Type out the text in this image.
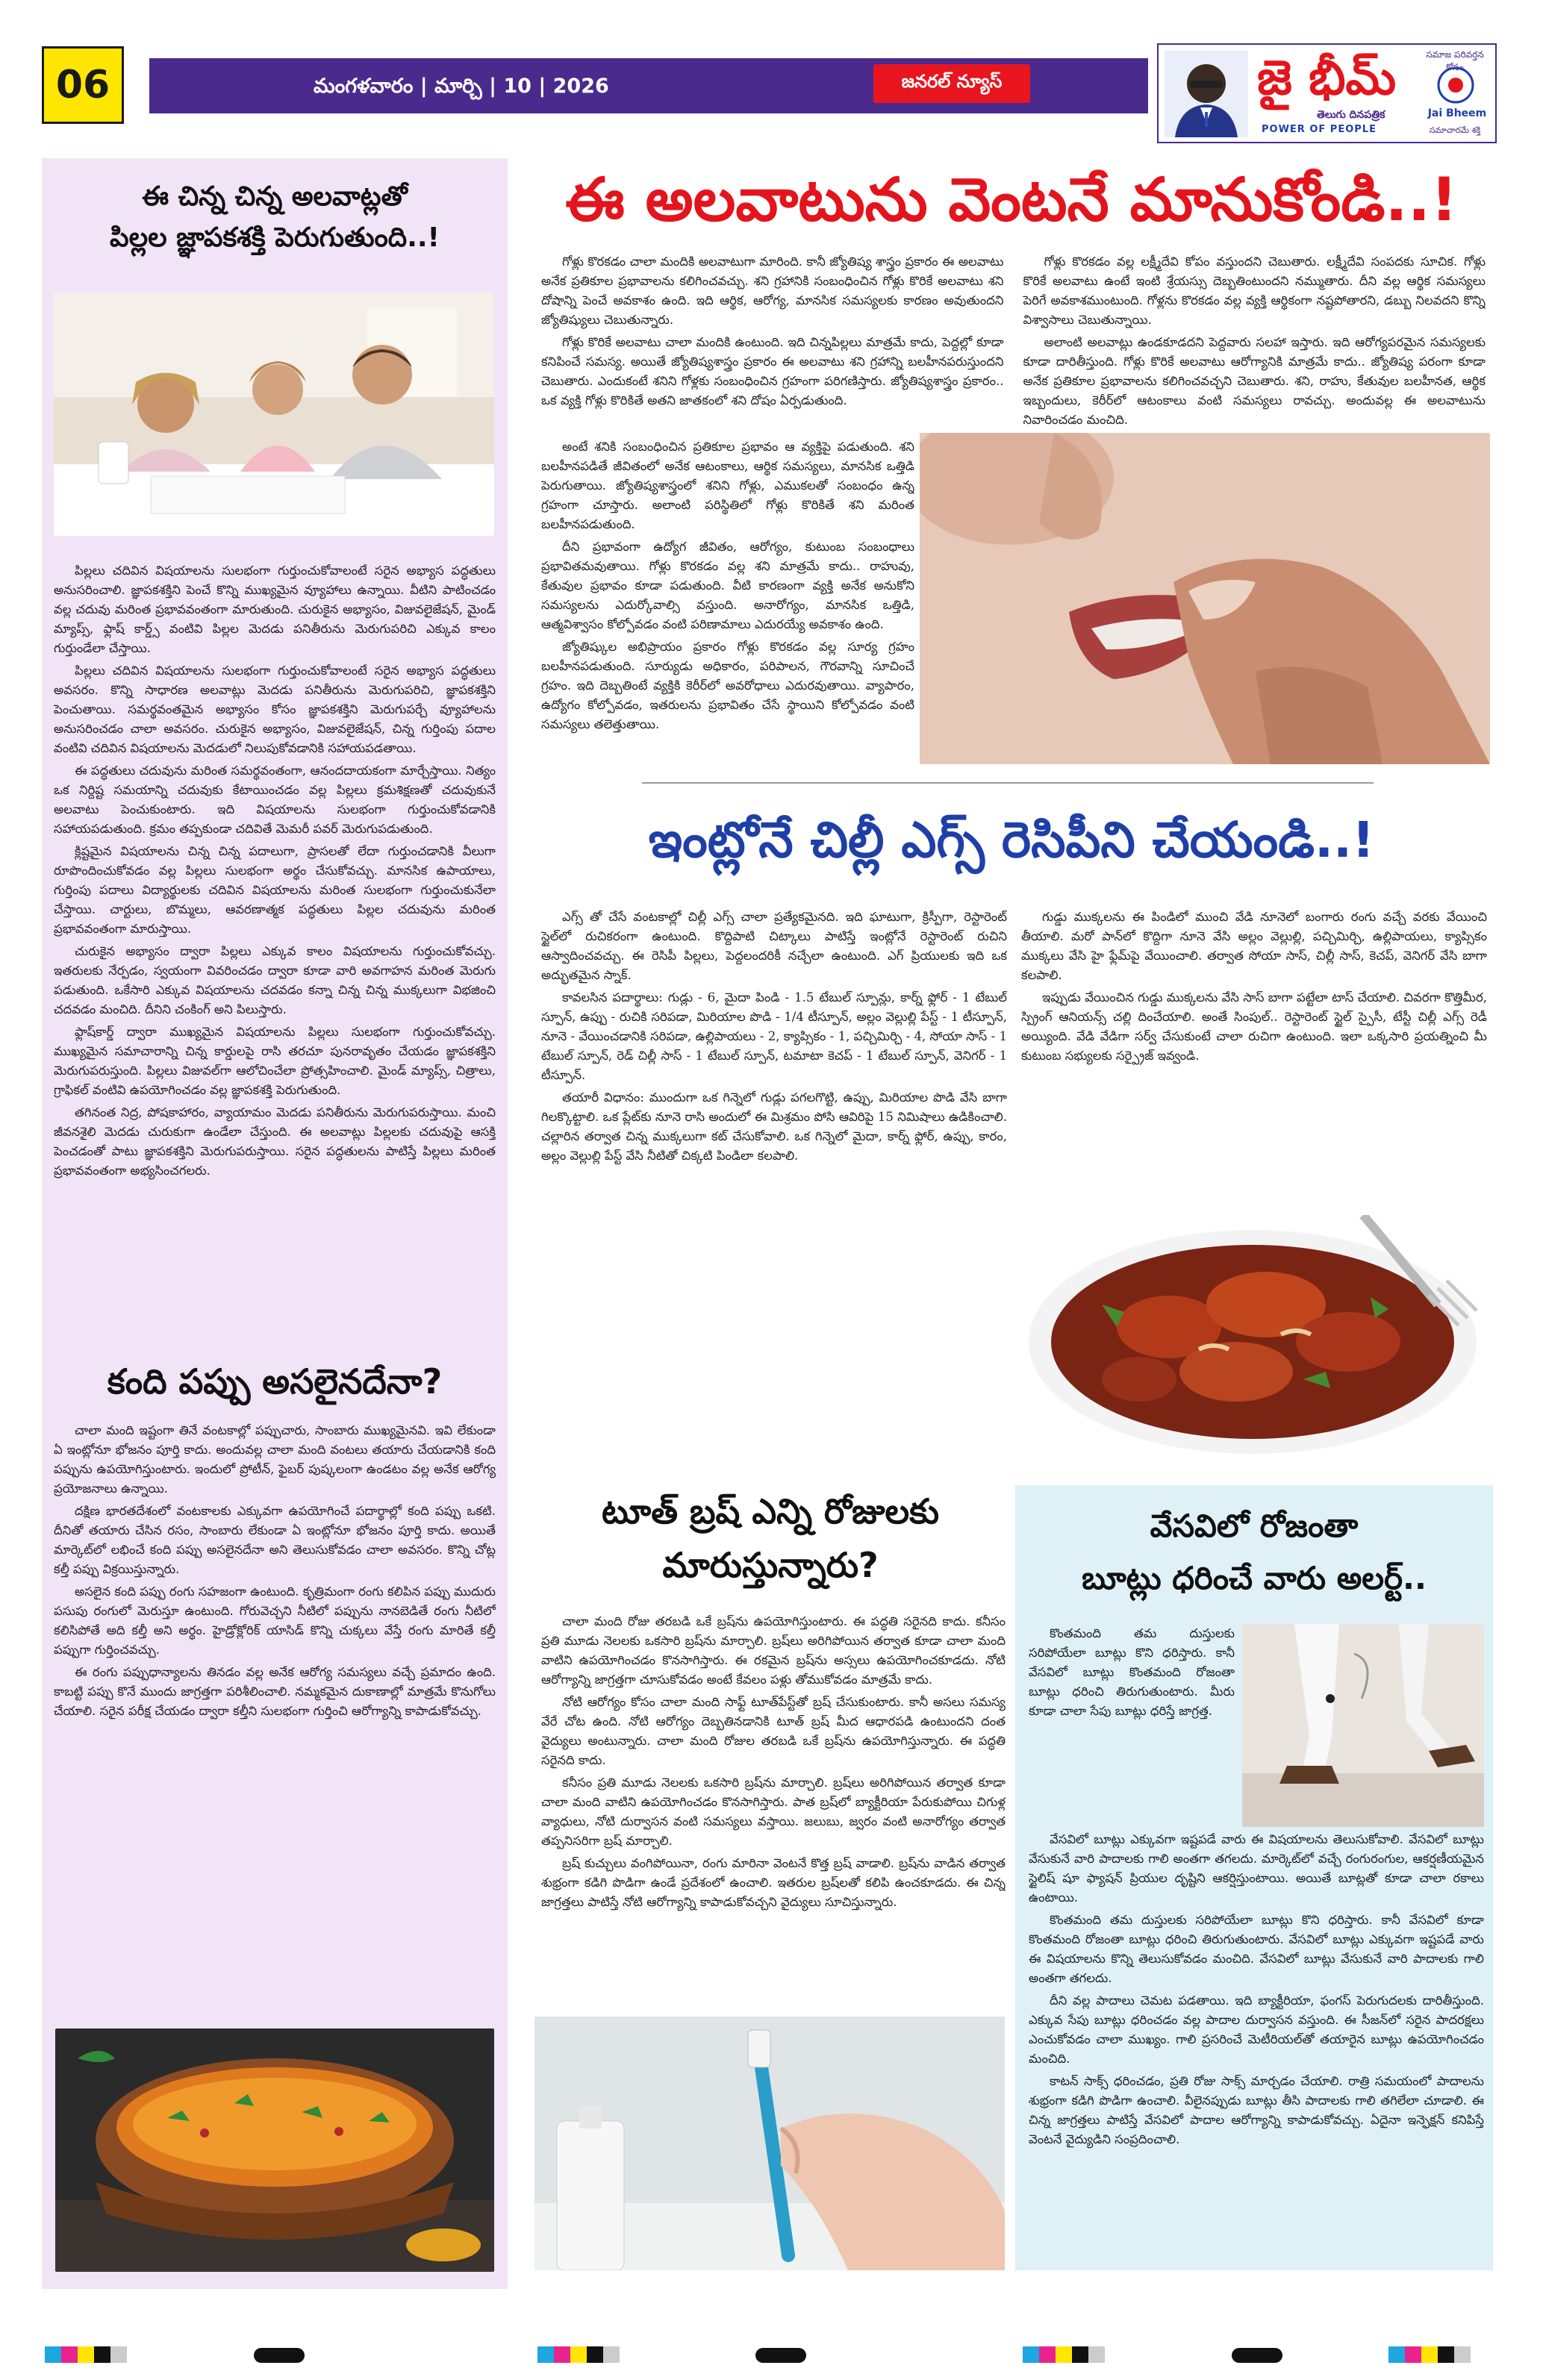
06	మంగళవారం | మార్చి | 10 | 2026	జనరల్ న్యూస్	జై భీమ్	సమాజ పరివర్తన కోసం
తెలుగు దినపత్రిక
POWER OF PEOPLE
Jai Bheem
సమాచారమే శక్తి
ఈ చిన్న చిన్న అలవాట్లతో
పిల్లల జ్ఞాపకశక్తి పెరుగుతుంది..!

పిల్లలు చదివిన విషయాలను సులభంగా గుర్తుంచుకోవాలంటే సరైన అభ్యాస పద్ధతులు అనుసరించాలి. జ్ఞాపకశక్తిని పెంచే కొన్ని ముఖ్యమైన వ్యూహాలు ఉన్నాయి. వీటిని పాటించడం వల్ల చదువు మరింత ప్రభావవంతంగా మారుతుంది. చురుకైన అభ్యాసం, విజువలైజేషన్, మైండ్ మ్యాప్స్, ఫ్లాష్ కార్డ్స్ వంటివి పిల్లల మెదడు పనితీరును మెరుగుపరిచి ఎక్కువ కాలం గుర్తుండేలా చేస్తాయి.

పిల్లలు చదివిన విషయాలను సులభంగా గుర్తుంచుకోవాలంటే సరైన అభ్యాస పద్ధతులు అవసరం. కొన్ని సాధారణ అలవాట్లు మెదడు పనితీరును మెరుగుపరిచి, జ్ఞాపకశక్తిని పెంచుతాయి. సమర్థవంతమైన అభ్యాసం కోసం జ్ఞాపకశక్తిని మెరుగుపర్చే వ్యూహాలను అనుసరించడం చాలా అవసరం. చురుకైన అభ్యాసం, విజువలైజేషన్, చిన్న గుర్తింపు పదాల వంటివి చదివిన విషయాలను మెదడులో నిలుపుకోవడానికి సహాయపడతాయి.

ఈ పద్ధతులు చదువును మరింత సమర్థవంతంగా, ఆనందదాయకంగా మార్చేస్తాయి. నిత్యం ఒక నిర్దిష్ట సమయాన్ని చదువుకు కేటాయించడం వల్ల పిల్లలు క్రమశిక్షణతో చదువుకునే అలవాటు పెంచుకుంటారు. ఇది విషయాలను సులభంగా గుర్తుంచుకోవడానికి సహాయపడుతుంది. క్రమం తప్పకుండా చదివితే మెమరీ పవర్ మెరుగుపడుతుంది.

క్లిష్టమైన విషయాలను చిన్న చిన్న పదాలుగా, ప్రాసలతో లేదా గుర్తుంచడానికి వీలుగా రూపొందించుకోవడం వల్ల పిల్లలు సులభంగా అర్థం చేసుకోవచ్చు. మానసిక ఉపాయాలు, గుర్తింపు పదాలు విద్యార్థులకు చదివిన విషయాలను మరింత సులభంగా గుర్తుంచుకునేలా చేస్తాయి. చార్టులు, బొమ్మలు, ఆవరణాత్మక పద్ధతులు పిల్లల చదువును మరింత ప్రభావవంతంగా మారుస్తాయి.

చురుకైన అభ్యాసం ద్వారా పిల్లలు ఎక్కువ కాలం విషయాలను గుర్తుంచుకోవచ్చు. ఇతరులకు నేర్పడం, స్వయంగా వివరించడం ద్వారా కూడా వారి అవగాహన మరింత మెరుగు పడుతుంది. ఒకేసారి ఎక్కువ విషయాలను చదవడం కన్నా చిన్న చిన్న ముక్కలుగా విభజించి చదవడం మంచిది. దీనిని చంకింగ్ అని పిలుస్తారు.

ఫ్లాష్‌కార్డ్ ద్వారా ముఖ్యమైన విషయాలను పిల్లలు సులభంగా గుర్తుంచుకోవచ్చు. ముఖ్యమైన సమాచారాన్ని చిన్న కార్డులపై రాసి తరచూ పునరావృతం చేయడం జ్ఞాపకశక్తిని మెరుగుపరుస్తుంది. పిల్లలు విజువల్‌గా ఆలోచించేలా ప్రోత్సహించాలి. మైండ్ మ్యాప్స్, చిత్రాలు, గ్రాఫికల్ వంటివి ఉపయోగించడం వల్ల జ్ఞాపకశక్తి పెరుగుతుంది.

తగినంత నిద్ర, పోషకాహారం, వ్యాయామం మెదడు పనితీరును మెరుగుపరుస్తాయి. మంచి జీవనశైలి మెదడు చురుకుగా ఉండేలా చేస్తుంది. ఈ అలవాట్లు పిల్లలకు చదువుపై ఆసక్తి పెంచడంతో పాటు జ్ఞాపకశక్తిని మెరుగుపరుస్తాయి. సరైన పద్ధతులను పాటిస్తే పిల్లలు మరింత ప్రభావవంతంగా అభ్యసించగలరు.

కంది పప్పు అసలైనదేనా?

చాలా మంది ఇష్టంగా తినే వంటకాల్లో పప్పుచారు, సాంబారు ముఖ్యమైనవి. ఇవి లేకుండా ఏ ఇంట్లోనూ భోజనం పూర్తి కాదు. అందువల్ల చాలా మంది వంటలు తయారు చేయడానికి కంది పప్పును ఉపయోగిస్తుంటారు. ఇందులో ప్రోటీన్, ఫైబర్ పుష్కలంగా ఉండటం వల్ల అనేక ఆరోగ్య ప్రయోజనాలు ఉన్నాయి.

దక్షిణ భారతదేశంలో వంటకాలకు ఎక్కువగా ఉపయోగించే పదార్థాల్లో కంది పప్పు ఒకటి. దీనితో తయారు చేసిన రసం, సాంబారు లేకుండా ఏ ఇంట్లోనూ భోజనం పూర్తి కాదు. అయితే మార్కెట్‌లో లభించే కంది పప్పు అసలైనదేనా అని తెలుసుకోవడం చాలా అవసరం. కొన్ని చోట్ల కల్తీ పప్పు విక్రయిస్తున్నారు.

అసలైన కంది పప్పు రంగు సహజంగా ఉంటుంది. కృత్రిమంగా రంగు కలిపిన పప్పు ముదురు పసుపు రంగులో మెరుస్తూ ఉంటుంది. గోరువెచ్చని నీటిలో పప్పును నానబెడితే రంగు నీటిలో కలిసిపోతే అది కల్తీ అని అర్థం. హైడ్రోక్లోరిక్ యాసిడ్ కొన్ని చుక్కలు వేస్తే రంగు మారితే కల్తీ పప్పుగా గుర్తించవచ్చు.

ఈ రంగు పప్పుధాన్యాలను తినడం వల్ల అనేక ఆరోగ్య సమస్యలు వచ్చే ప్రమాదం ఉంది. కాబట్టి పప్పు కొనే ముందు జాగ్రత్తగా పరిశీలించాలి. నమ్మకమైన దుకాణాల్లో మాత్రమే కొనుగోలు చేయాలి. సరైన పరీక్ష చేయడం ద్వారా కల్తీని సులభంగా గుర్తించి ఆరోగ్యాన్ని కాపాడుకోవచ్చు.

ఈ అలవాటును వెంటనే మానుకోండి..!

గోళ్లు కొరకడం చాలా మందికి అలవాటుగా మారింది. కానీ జ్యోతిష్య శాస్త్రం ప్రకారం ఈ అలవాటు అనేక ప్రతికూల ప్రభావాలను కలిగించవచ్చు. శని గ్రహానికి సంబంధించిన గోళ్లు కొరికే అలవాటు శని దోషాన్ని పెంచే అవకాశం ఉంది. ఇది ఆర్థిక, ఆరోగ్య, మానసిక సమస్యలకు కారణం అవుతుందని జ్యోతిష్యులు చెబుతున్నారు.

గోళ్లు కొరికే అలవాటు చాలా మందికి ఉంటుంది. ఇది చిన్నపిల్లలు మాత్రమే కాదు, పెద్దల్లో కూడా కనిపించే సమస్య. అయితే జ్యోతిష్యశాస్త్రం ప్రకారం ఈ అలవాటు శని గ్రహాన్ని బలహీనపరుస్తుందని చెబుతారు. ఎందుకంటే శనిని గోళ్లకు సంబంధించిన గ్రహంగా పరిగణిస్తారు. జ్యోతిష్యశాస్త్రం ప్రకారం.. ఒక వ్యక్తి గోళ్లు కొరికితే అతని జాతకంలో శని దోషం ఏర్పడుతుంది.

గోళ్లు కొరకడం వల్ల లక్ష్మీదేవి కోపం వస్తుందని చెబుతారు. లక్ష్మీదేవి సంపదకు సూచిక. గోళ్లు కొరికే అలవాటు ఉంటే ఇంటి శ్రేయస్సు దెబ్బతింటుందని నమ్ముతారు. దీని వల్ల ఆర్థిక సమస్యలు పెరిగే అవకాశముంటుంది. గోళ్లను కొరకడం వల్ల వ్యక్తి ఆర్థికంగా నష్టపోతారని, డబ్బు నిలవదని కొన్ని విశ్వాసాలు చెబుతున్నాయి.

అలాంటి అలవాట్లు ఉండకూడదని పెద్దవారు సలహా ఇస్తారు. ఇది ఆరోగ్యపరమైన సమస్యలకు కూడా దారితీస్తుంది. గోళ్లు కొరికే అలవాటు ఆరోగ్యానికి మాత్రమే కాదు.. జ్యోతిష్య పరంగా కూడా అనేక ప్రతికూల ప్రభావాలను కలిగించవచ్చని చెబుతారు. శని, రాహు, కేతువుల బలహీనత, ఆర్థిక ఇబ్బందులు, కెరీర్‌లో ఆటంకాలు వంటి సమస్యలు రావచ్చు. అందువల్ల ఈ అలవాటును నివారించడం మంచిది.

అంటే శనికి సంబంధించిన ప్రతికూల ప్రభావం ఆ వ్యక్తిపై పడుతుంది. శని బలహీనపడితే జీవితంలో అనేక ఆటంకాలు, ఆర్థిక సమస్యలు, మానసిక ఒత్తిడి పెరుగుతాయి. జ్యోతిష్యశాస్త్రంలో శనిని గోళ్లు, ఎముకలతో సంబంధం ఉన్న గ్రహంగా చూస్తారు. అలాంటి పరిస్థితిలో గోళ్లు కొరికితే శని మరింత బలహీనపడుతుంది.

దీని ప్రభావంగా ఉద్యోగ జీవితం, ఆరోగ్యం, కుటుంబ సంబంధాలు ప్రభావితమవుతాయి. గోళ్లు కొరకడం వల్ల శని మాత్రమే కాదు.. రాహువు, కేతువుల ప్రభావం కూడా పడుతుంది. వీటి కారణంగా వ్యక్తి అనేక అనుకోని సమస్యలను ఎదుర్కోవాల్సి వస్తుంది. అనారోగ్యం, మానసిక ఒత్తిడి, ఆత్మవిశ్వాసం కోల్పోవడం వంటి పరిణామాలు ఎదురయ్యే అవకాశం ఉంది.

జ్యోతిష్కుల అభిప్రాయం ప్రకారం గోళ్లు కొరకడం వల్ల సూర్య గ్రహం బలహీనపడుతుంది. సూర్యుడు అధికారం, పరిపాలన, గౌరవాన్ని సూచించే గ్రహం. ఇది దెబ్బతింటే వ్యక్తికి కెరీర్‌లో అవరోధాలు ఎదురవుతాయి. వ్యాపారం, ఉద్యోగం కోల్పోవడం, ఇతరులను ప్రభావితం చేసే స్థాయిని కోల్పోవడం వంటి సమస్యలు తలెత్తుతాయి.

ఇంట్లోనే చిల్లీ ఎగ్స్ రెసిపీని చేయండి..!

ఎగ్స్ తో చేసే వంటకాల్లో చిల్లీ ఎగ్స్ చాలా ప్రత్యేకమైనది. ఇది ఘాటుగా, క్రిస్పీగా, రెస్టారెంట్ స్టైల్‌లో రుచికరంగా ఉంటుంది. కొద్దిపాటి చిట్కాలు పాటిస్తే ఇంట్లోనే రెస్టారెంట్ రుచిని ఆస్వాదించవచ్చు. ఈ రెసిపీ పిల్లలు, పెద్దలందరికీ నచ్చేలా ఉంటుంది. ఎగ్ ప్రియులకు ఇది ఒక అద్భుతమైన స్నాక్.

కావలసిన పదార్థాలు: గుడ్లు - 6, మైదా పిండి - 1.5 టేబుల్ స్పూన్లు, కార్న్ ఫ్లోర్ - 1 టేబుల్ స్పూన్, ఉప్పు - రుచికి సరిపడా, మిరియాల పొడి - 1/4 టీస్పూన్, అల్లం వెల్లుల్లి పేస్ట్ - 1 టీస్పూన్, నూనె - వేయించడానికి సరిపడా, ఉల్లిపాయలు - 2, క్యాప్సికం - 1, పచ్చిమిర్చి - 4, సోయా సాస్ - 1 టేబుల్ స్పూన్, రెడ్ చిల్లీ సాస్ - 1 టేబుల్ స్పూన్, టమాటా కెచప్ - 1 టేబుల్ స్పూన్, వెనిగర్ - 1 టీస్పూన్.

తయారీ విధానం: ముందుగా ఒక గిన్నెలో గుడ్లు పగలగొట్టి, ఉప్పు, మిరియాల పొడి వేసి బాగా గిలక్కొట్టాలి. ఒక ప్లేట్‌కు నూనె రాసి అందులో ఈ మిశ్రమం పోసి ఆవిరిపై 15 నిమిషాలు ఉడికించాలి. చల్లారిన తర్వాత చిన్న ముక్కలుగా కట్ చేసుకోవాలి. ఒక గిన్నెలో మైదా, కార్న్ ఫ్లోర్, ఉప్పు, కారం, అల్లం వెల్లుల్లి పేస్ట్ వేసి నీటితో చిక్కటి పిండిలా కలపాలి.

గుడ్డు ముక్కలను ఈ పిండిలో ముంచి వేడి నూనెలో బంగారు రంగు వచ్చే వరకు వేయించి తీయాలి. మరో పాన్‌లో కొద్దిగా నూనె వేసి అల్లం వెల్లుల్లి, పచ్చిమిర్చి, ఉల్లిపాయలు, క్యాప్సికం ముక్కలు వేసి హై ఫ్లేమ్‌పై వేయించాలి. తర్వాత సోయా సాస్, చిల్లీ సాస్, కెచప్, వెనిగర్ వేసి బాగా కలపాలి.

ఇప్పుడు వేయించిన గుడ్డు ముక్కలను వేసి సాస్ బాగా పట్టేలా టాస్ చేయాలి. చివరగా కొత్తిమీర, స్ప్రింగ్ ఆనియన్స్ చల్లి దించేయాలి. అంతే సింపుల్.. రెస్టారెంట్ స్టైల్ స్పైసీ, టేస్టీ చిల్లీ ఎగ్స్ రెడీ అయ్యింది. వేడి వేడిగా సర్వ్ చేసుకుంటే చాలా రుచిగా ఉంటుంది. ఇలా ఒక్కసారి ప్రయత్నించి మీ కుటుంబ సభ్యులకు సర్ప్రైజ్ ఇవ్వండి.

టూత్ బ్రష్ ఎన్ని రోజులకు
మారుస్తున్నారు?

చాలా మంది రోజు తరబడి ఒకే బ్రష్‌ను ఉపయోగిస్తుంటారు. ఈ పద్ధతి సరైనది కాదు. కనీసం ప్రతి మూడు నెలలకు ఒకసారి బ్రష్‌ను మార్చాలి. బ్రష్‌లు అరిగిపోయిన తర్వాత కూడా చాలా మంది వాటిని ఉపయోగించడం కొనసాగిస్తారు. ఈ రకమైన బ్రష్‌ను అస్సలు ఉపయోగించకూడదు. నోటి ఆరోగ్యాన్ని జాగ్రత్తగా చూసుకోవడం అంటే కేవలం పళ్లు తోముకోవడం మాత్రమే కాదు.

నోటి ఆరోగ్యం కోసం చాలా మంది సాఫ్ట్ టూత్‌పేస్ట్‌తో బ్రష్ చేసుకుంటారు. కానీ అసలు సమస్య వేరే చోట ఉంది. నోటి ఆరోగ్యం దెబ్బతినడానికి టూత్ బ్రష్ మీద ఆధారపడి ఉంటుందని దంత వైద్యులు అంటున్నారు. చాలా మంది రోజుల తరబడి ఒకే బ్రష్‌ను ఉపయోగిస్తున్నారు. ఈ పద్ధతి సరైనది కాదు.

కనీసం ప్రతి మూడు నెలలకు ఒకసారి బ్రష్‌ను మార్చాలి. బ్రష్‌లు అరిగిపోయిన తర్వాత కూడా చాలా మంది వాటిని ఉపయోగించడం కొనసాగిస్తారు. పాత బ్రష్‌లో బ్యాక్టీరియా పేరుకుపోయి చిగుళ్ల వ్యాధులు, నోటి దుర్వాసన వంటి సమస్యలు వస్తాయి. జలుబు, జ్వరం వంటి అనారోగ్యం తర్వాత తప్పనిసరిగా బ్రష్ మార్చాలి.

బ్రష్ కుచ్చులు వంగిపోయినా, రంగు మారినా వెంటనే కొత్త బ్రష్ వాడాలి. బ్రష్‌ను వాడిన తర్వాత శుభ్రంగా కడిగి పొడిగా ఉండే ప్రదేశంలో ఉంచాలి. ఇతరుల బ్రష్‌లతో కలిపి ఉంచకూడదు. ఈ చిన్న జాగ్రత్తలు పాటిస్తే నోటి ఆరోగ్యాన్ని కాపాడుకోవచ్చని వైద్యులు సూచిస్తున్నారు.

వేసవిలో రోజంతా
బూట్లు ధరించే వారు అలర్ట్..

కొంతమంది తమ దుస్తులకు సరిపోయేలా బూట్లు కొని ధరిస్తారు. కానీ వేసవిలో బూట్లు కొంతమంది రోజంతా బూట్లు ధరించి తిరుగుతుంటారు. మీరు కూడా చాలా సేపు బూట్లు ధరిస్తే జాగ్రత్త.

వేసవిలో బూట్లు ఎక్కువగా ఇష్టపడే వారు ఈ విషయాలను తెలుసుకోవాలి. వేసవిలో బూట్లు వేసుకునే వారి పాదాలకు గాలి అంతగా తగలదు. మార్కెట్‌లో వచ్చే రంగురంగుల, ఆకర్షణీయమైన స్టైలిష్ షూ ఫ్యాషన్ ప్రియుల దృష్టిని ఆకర్షిస్తుంటాయి. అయితే బూట్లతో కూడా చాలా రకాలు ఉంటాయి.

కొంతమంది తమ దుస్తులకు సరిపోయేలా బూట్లు కొని ధరిస్తారు. కానీ వేసవిలో కూడా కొంతమంది రోజంతా బూట్లు ధరించి తిరుగుతుంటారు. వేసవిలో బూట్లు ఎక్కువగా ఇష్టపడే వారు ఈ విషయాలను కొన్ని తెలుసుకోవడం మంచిది. వేసవిలో బూట్లు వేసుకునే వారి పాదాలకు గాలి అంతగా తగలదు.

దీని వల్ల పాదాలు చెమట పడతాయి. ఇది బ్యాక్టీరియా, ఫంగస్ పెరుగుదలకు దారితీస్తుంది. ఎక్కువ సేపు బూట్లు ధరించడం వల్ల పాదాల దుర్వాసన వస్తుంది. ఈ సీజన్‌లో సరైన పాదరక్షలు ఎంచుకోవడం చాలా ముఖ్యం. గాలి ప్రసరించే మెటీరియల్‌తో తయారైన బూట్లు ఉపయోగించడం మంచిది.

కాటన్ సాక్స్ ధరించడం, ప్రతి రోజు సాక్స్ మార్చడం చేయాలి. రాత్రి సమయంలో పాదాలను శుభ్రంగా కడిగి పొడిగా ఉంచాలి. వీలైనప్పుడు బూట్లు తీసి పాదాలకు గాలి తగిలేలా చూడాలి. ఈ చిన్న జాగ్రత్తలు పాటిస్తే వేసవిలో పాదాల ఆరోగ్యాన్ని కాపాడుకోవచ్చు. ఏదైనా ఇన్ఫెక్షన్ కనిపిస్తే వెంటనే వైద్యుడిని సంప్రదించాలి.
